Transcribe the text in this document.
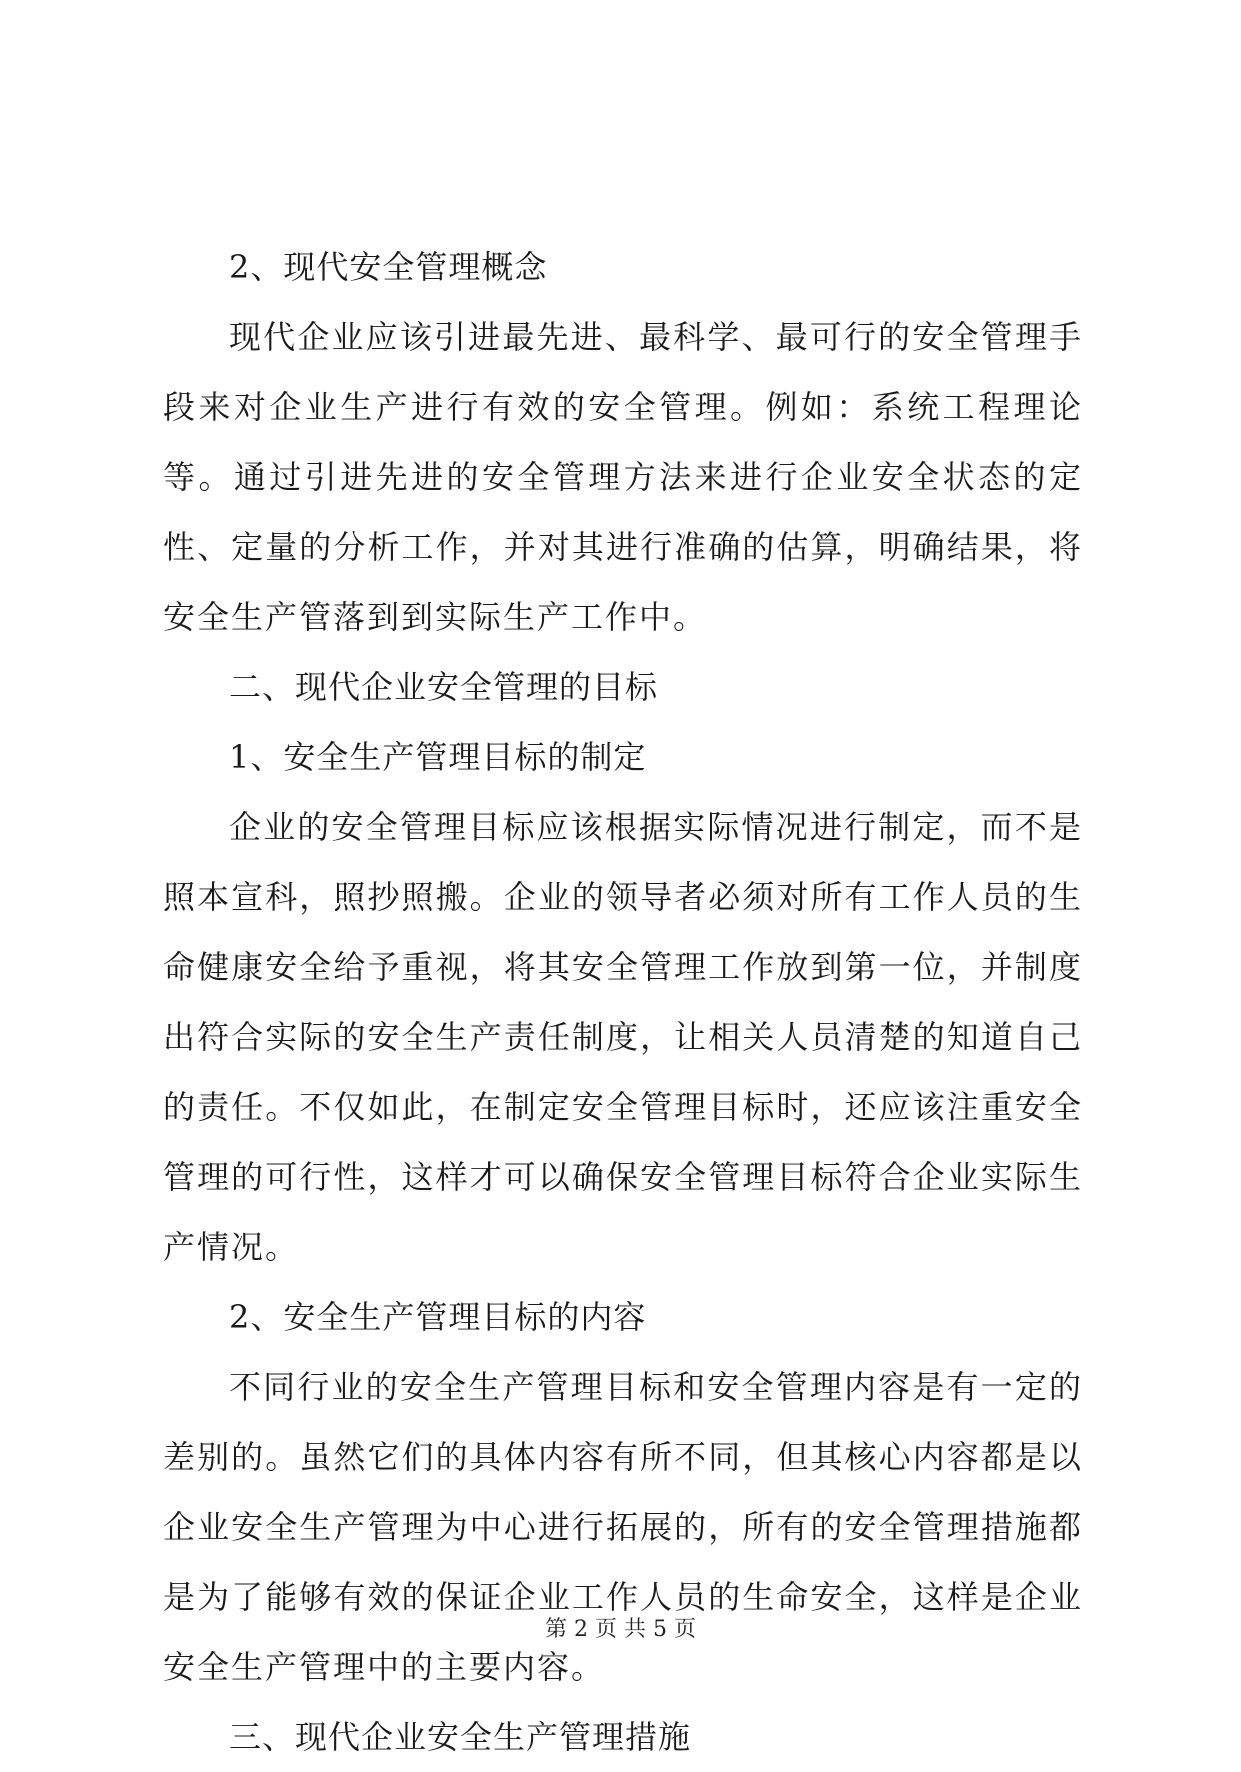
2、现代安全管理概念
现代企业应该引进最先进、最科学、最可行的安全管理手段来对企业生产进行有效的安全管理。例如：系统工程理论等。通过引进先进的安全管理方法来进行企业安全状态的定性、定量的分析工作，并对其进行准确的估算，明确结果，将安全生产管落到到实际生产工作中。
二、现代企业安全管理的目标
1、安全生产管理目标的制定
企业的安全管理目标应该根据实际情况进行制定，而不是照本宣科，照抄照搬。企业的领导者必须对所有工作人员的生命健康安全给予重视，将其安全管理工作放到第一位，并制度出符合实际的安全生产责任制度，让相关人员清楚的知道自己的责任。不仅如此，在制定安全管理目标时，还应该注重安全管理的可行性，这样才可以确保安全管理目标符合企业实际生产情况。
2、安全生产管理目标的内容
不同行业的安全生产管理目标和安全管理内容是有一定的差别的。虽然它们的具体内容有所不同，但其核心内容都是以企业安全生产管理为中心进行拓展的，所有的安全管理措施都是为了能够有效的保证企业工作人员的生命安全，这样是企业安全生产管理中的主要内容。
三、现代企业安全生产管理措施
第 2 页 共 5 页
